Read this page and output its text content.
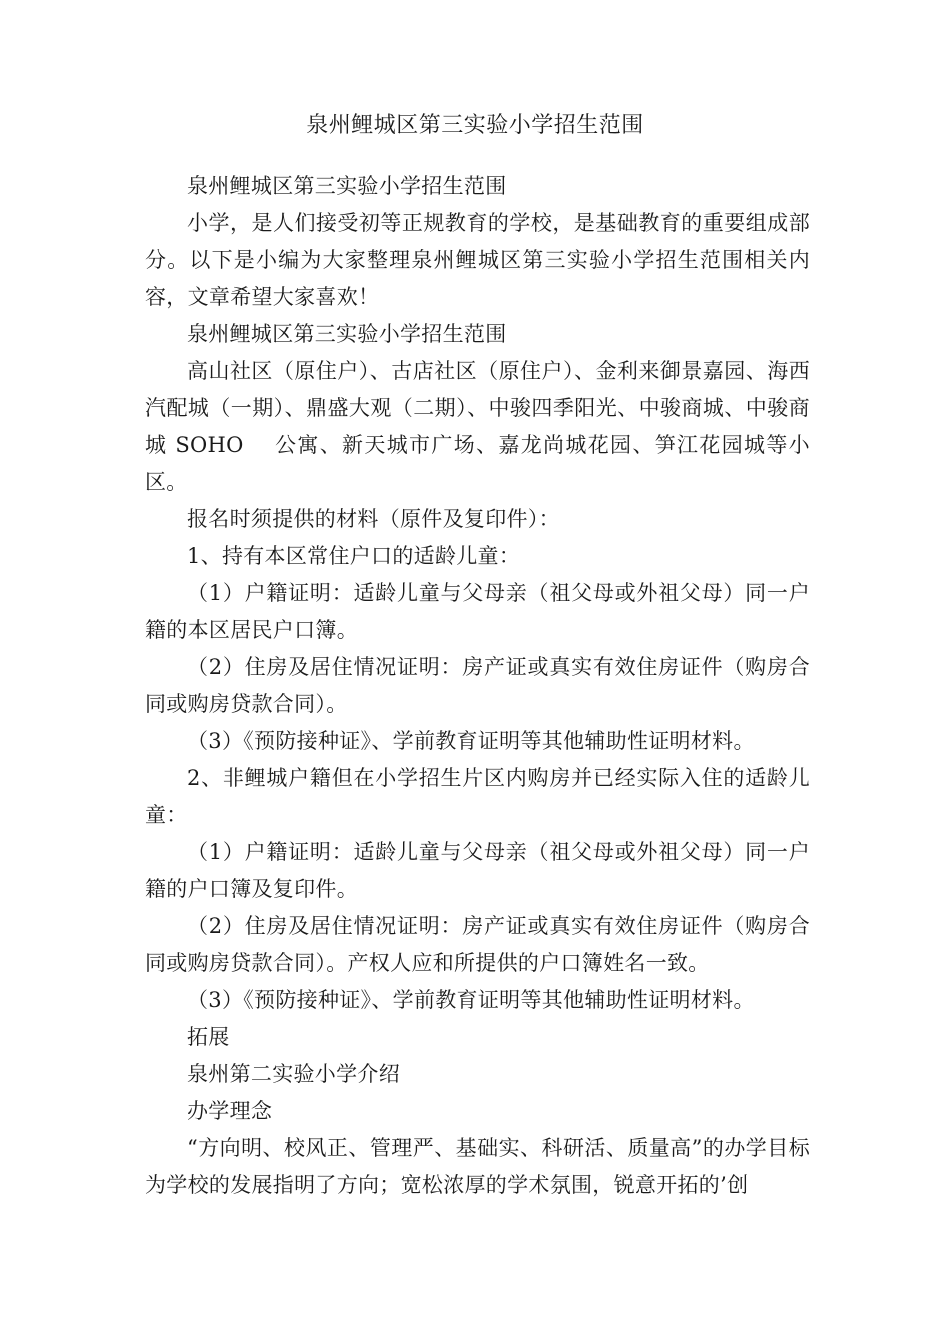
泉州鲤城区第三实验小学招生范围

泉州鲤城区第三实验小学招生范围

小学，是人们接受初等正规教育的学校，是基础教育的重要组成部分。以下是小编为大家整理泉州鲤城区第三实验小学招生范围相关内容，文章希望大家喜欢！

泉州鲤城区第三实验小学招生范围

高山社区（原住户）、古店社区（原住户）、金利来御景嘉园、海西汽配城（一期）、鼎盛大观（二期）、中骏四季阳光、中骏商城、中骏商城 SOHO　 公寓、新天城市广场、嘉龙尚城花园、笋江花园城等小区。

报名时须提供的材料（原件及复印件）：

1、持有本区常住户口的适龄儿童：

（1）户籍证明：适龄儿童与父母亲（祖父母或外祖父母）同一户籍的本区居民户口簿。

（2）住房及居住情况证明：房产证或真实有效住房证件（购房合同或购房贷款合同）。

（3）《预防接种证》、学前教育证明等其他辅助性证明材料。

2、非鲤城户籍但在小学招生片区内购房并已经实际入住的适龄儿童：

（1）户籍证明：适龄儿童与父母亲（祖父母或外祖父母）同一户籍的户口簿及复印件。

（2）住房及居住情况证明：房产证或真实有效住房证件（购房合同或购房贷款合同）。产权人应和所提供的户口簿姓名一致。

（3）《预防接种证》、学前教育证明等其他辅助性证明材料。

拓展

泉州第二实验小学介绍

办学理念

“方向明、校风正、管理严、基础实、科研活、质量高”的办学目标为学校的发展指明了方向；宽松浓厚的学术氛围，锐意开拓的’创
